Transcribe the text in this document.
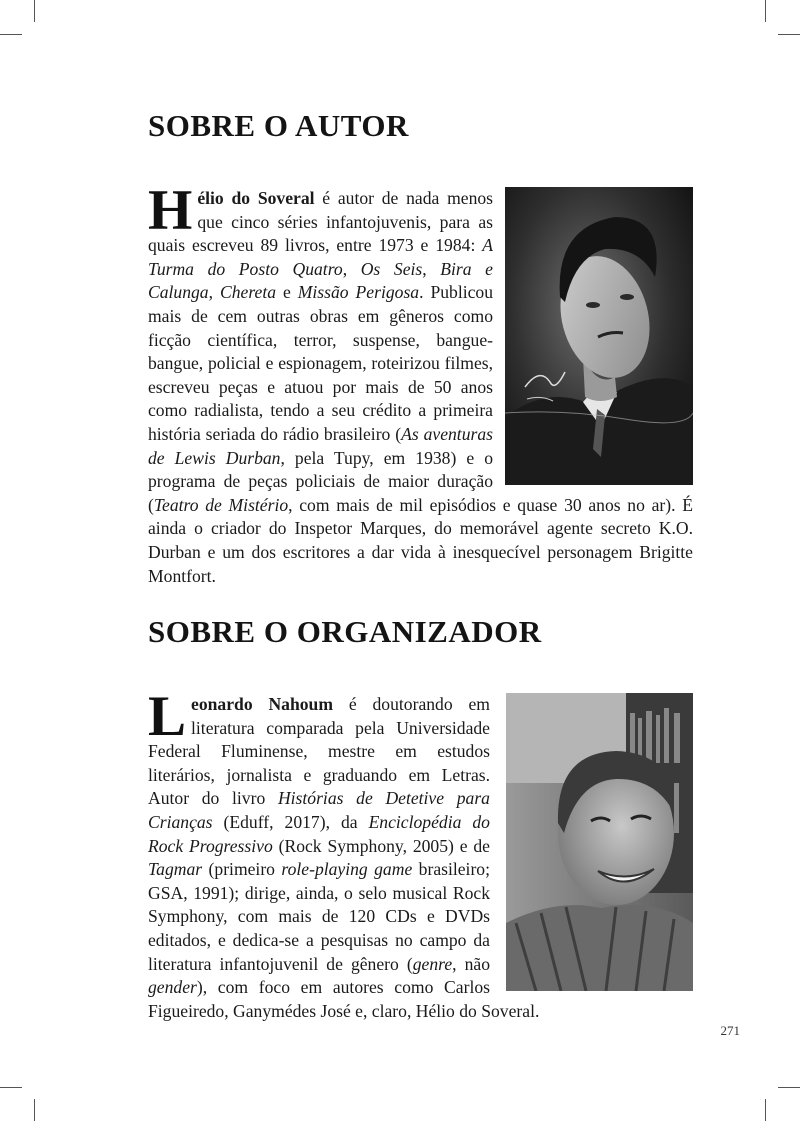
SOBRE O AUTOR

Hélio do Soveral é autor de nada menos que cinco séries infantojuvenis, para as quais escreveu 89 livros, entre 1973 e 1984: A Turma do Posto Quatro, Os Seis, Bira e Calunga, Chereta e Missão Perigosa. Publicou mais de cem outras obras em gêneros como ficção científica, terror, suspense, bangue-bangue, policial e espionagem, roteirizou filmes, escreveu peças e atuou por mais de 50 anos como radialista, tendo a seu crédito a primeira história seriada do rádio brasileiro (As aventuras de Lewis Durban, pela Tupy, em 1938) e o programa de peças policiais de maior duração (Teatro de Mistério, com mais de mil episódios e quase 30 anos no ar). É ainda o criador do Inspetor Marques, do memorável agente secreto K.O. Durban e um dos escritores a dar vida à inesquecível personagem Brigitte Montfort.

SOBRE O ORGANIZADOR

Leonardo Nahoum é doutorando em literatura comparada pela Universidade Federal Fluminense, mestre em estudos literários, jornalista e graduando em Letras. Autor do livro Histórias de Detetive para Crianças (Eduff, 2017), da Enciclopédia do Rock Progressivo (Rock Symphony, 2005) e de Tagmar (primeiro role-playing game brasileiro; GSA, 1991); dirige, ainda, o selo musical Rock Symphony, com mais de 120 CDs e DVDs editados, e dedica-se a pesquisas no campo da literatura infantojuvenil de gênero (genre, não gender), com foco em autores como Carlos Figueiredo, Ganymédes José e, claro, Hélio do Soveral.

271
